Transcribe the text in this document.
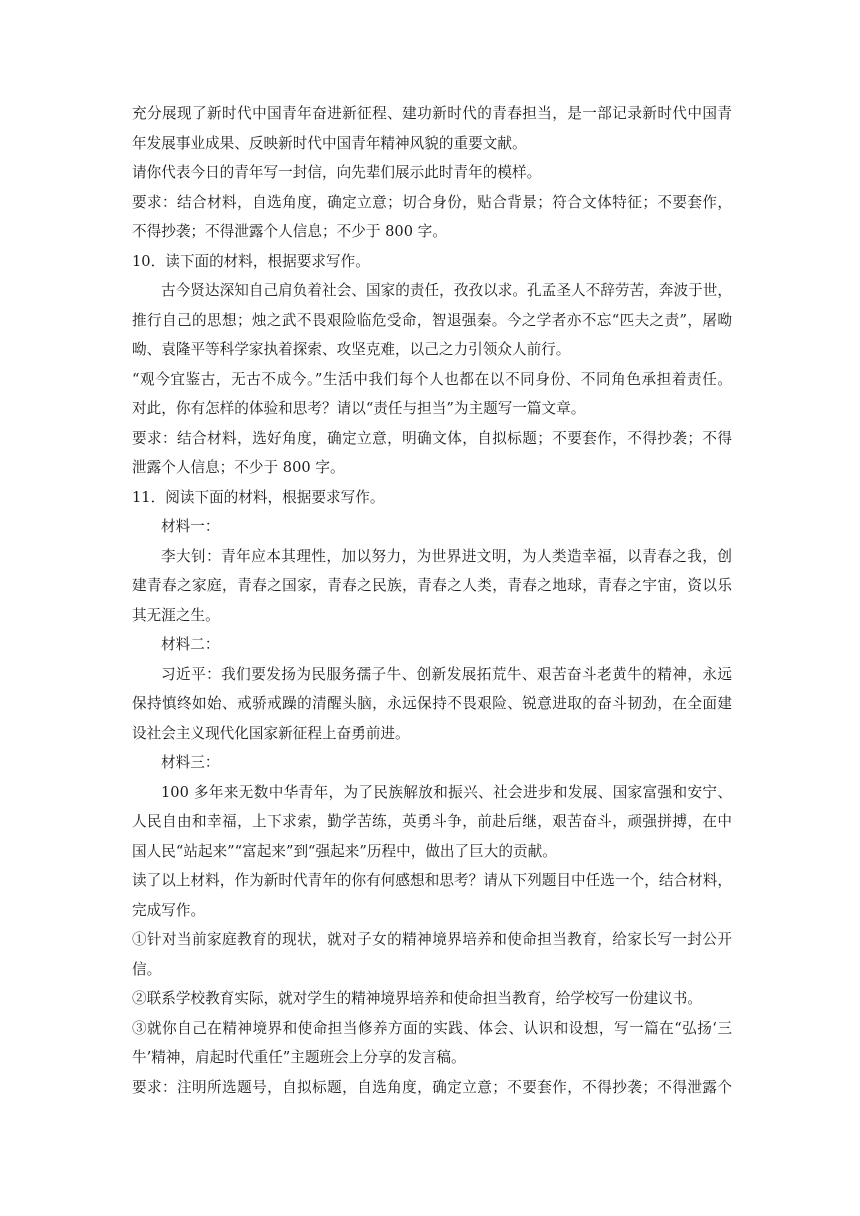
充分展现了新时代中国青年奋进新征程、建功新时代的青春担当，是一部记录新时代中国青
年发展事业成果、反映新时代中国青年精神风貌的重要文献。
请你代表今日的青年写一封信，向先辈们展示此时青年的模样。
要求：结合材料，自选角度，确定立意；切合身份，贴合背景；符合文体特征；不要套作，
不得抄袭；不得泄露个人信息；不少于 800 字。
10．读下面的材料，根据要求写作。
古今贤达深知自己肩负着社会、国家的责任，孜孜以求。孔孟圣人不辞劳苦，奔波于世，
推行自己的思想；烛之武不畏艰险临危受命，智退强秦。今之学者亦不忘“匹夫之责”，屠呦
呦、袁隆平等科学家执着探索、攻坚克难，以己之力引领众人前行。
“观今宜鉴古，无古不成今。”生活中我们每个人也都在以不同身份、不同角色承担着责任。
对此，你有怎样的体验和思考？请以“责任与担当”为主题写一篇文章。
要求：结合材料，选好角度，确定立意，明确文体，自拟标题；不要套作，不得抄袭；不得
泄露个人信息；不少于 800 字。
11．阅读下面的材料，根据要求写作。
材料一：
李大钊：青年应本其理性，加以努力，为世界进文明，为人类造幸福，以青春之我，创
建青春之家庭，青春之国家，青春之民族，青春之人类，青春之地球，青春之宇宙，资以乐
其无涯之生。
材料二：
习近平：我们要发扬为民服务孺子牛、创新发展拓荒牛、艰苦奋斗老黄牛的精神，永远
保持慎终如始、戒骄戒躁的清醒头脑，永远保持不畏艰险、锐意进取的奋斗韧劲，在全面建
设社会主义现代化国家新征程上奋勇前进。
材料三：
100 多年来无数中华青年，为了民族解放和振兴、社会进步和发展、国家富强和安宁、
人民自由和幸福，上下求索，勤学苦练，英勇斗争，前赴后继，艰苦奋斗，顽强拼搏，在中
国人民“站起来”“富起来”到“强起来”历程中，做出了巨大的贡献。
读了以上材料，作为新时代青年的你有何感想和思考？请从下列题目中任选一个，结合材料，
完成写作。
①针对当前家庭教育的现状，就对子女的精神境界培养和使命担当教育，给家长写一封公开
信。
②联系学校教育实际，就对学生的精神境界培养和使命担当教育，给学校写一份建议书。
③就你自己在精神境界和使命担当修养方面的实践、体会、认识和设想，写一篇在“弘扬‘三
牛’精神，肩起时代重任”主题班会上分享的发言稿。
要求：注明所选题号，自拟标题，自选角度，确定立意；不要套作，不得抄袭；不得泄露个
